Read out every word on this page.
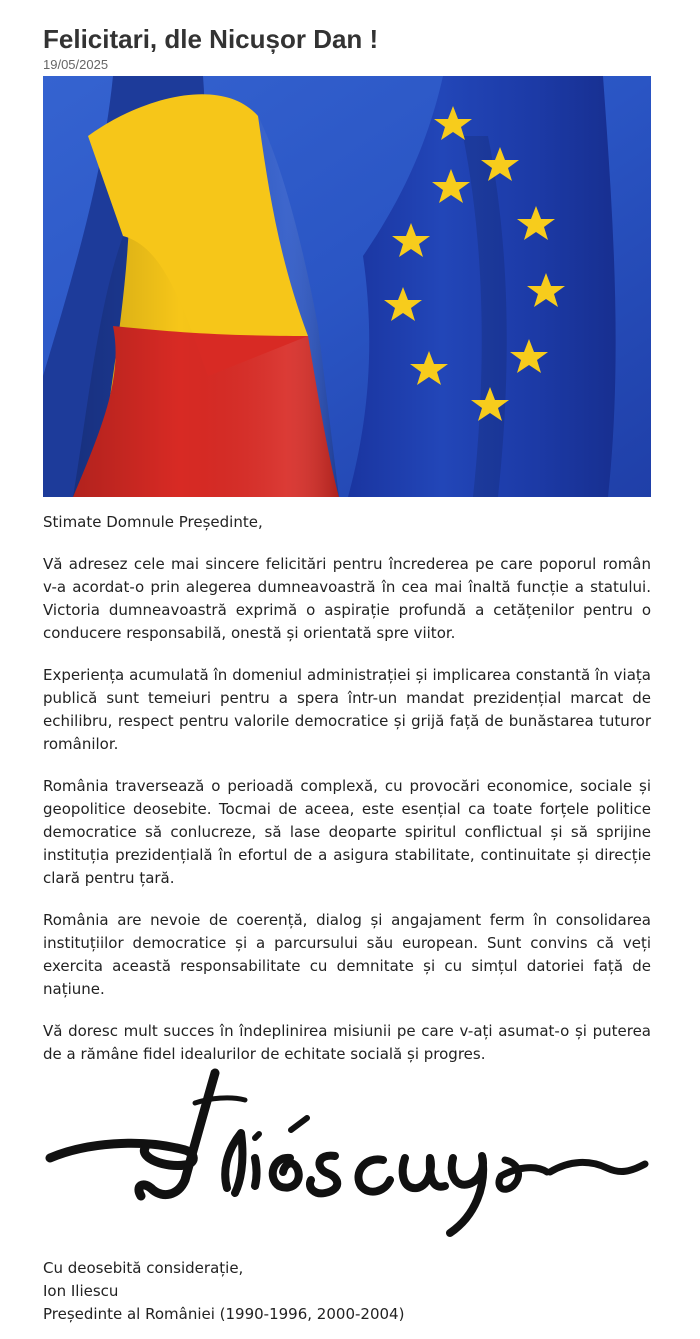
Felicitari, dle Nicușor Dan !
19/05/2025

Stimate Domnule Președinte,

Vă adresez cele mai sincere felicitări pentru încrederea pe care poporul român v-a acordat-o prin alegerea dumneavoastră în cea mai înaltă funcție a statului. Victoria dumneavoastră exprimă o aspirație profundă a cetățenilor pentru o conducere responsabilă, onestă și orientată spre viitor.

Experiența acumulată în domeniul administrației și implicarea constantă în viața publică sunt temeiuri pentru a spera într-un mandat prezidențial marcat de echilibru, respect pentru valorile democratice și grijă față de bunăstarea tuturor românilor.

România traversează o perioadă complexă, cu provocări economice, sociale și geopolitice deosebite. Tocmai de aceea, este esențial ca toate forțele politice democratice să conlucreze, să lase deoparte spiritul conflictual și să sprijine instituția prezidențială în efortul de a asigura stabilitate, continuitate și direcție clară pentru țară.

România are nevoie de coerență, dialog și angajament ferm în consolidarea instituțiilor democratice și a parcursului său european. Sunt convins că veți exercita această responsabilitate cu demnitate și cu simțul datoriei față de națiune.

Vă doresc mult succes în îndeplinirea misiunii pe care v-ați asumat-o și puterea de a rămâne fidel idealurilor de echitate socială și progres.

Cu deosebită considerație,
Ion Iliescu
Președinte al României (1990-1996, 2000-2004)
